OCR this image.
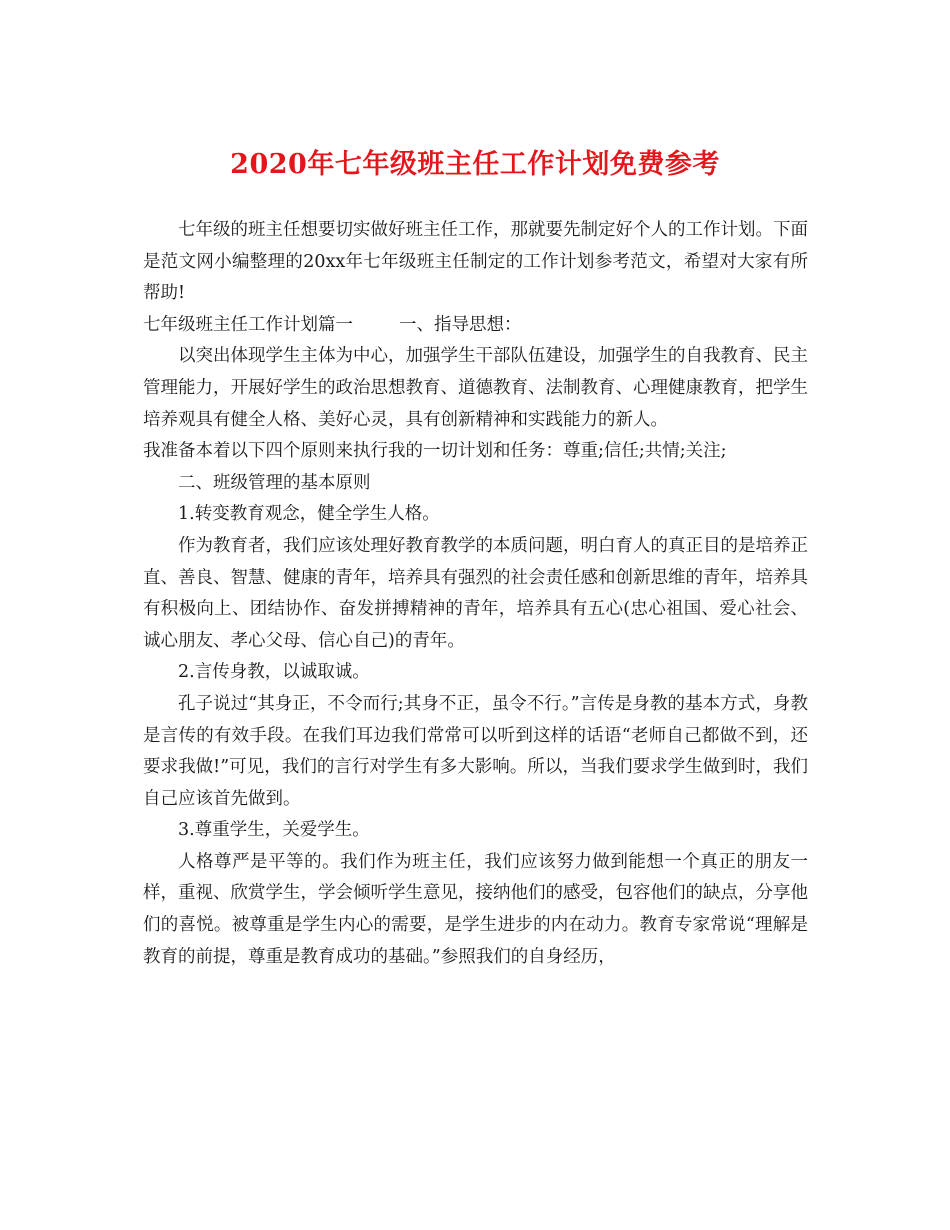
2020年七年级班主任工作计划免费参考

七年级的班主任想要切实做好班主任工作，那就要先制定好个人的工作计划。下面是范文网小编整理的20xx年七年级班主任制定的工作计划参考范文，希望对大家有所帮助!

七年级班主任工作计划篇一	一、指导思想：

以突出体现学生主体为中心，加强学生干部队伍建设，加强学生的自我教育、民主管理能力，开展好学生的政治思想教育、道德教育、法制教育、心理健康教育，把学生培养观具有健全人格、美好心灵，具有创新精神和实践能力的新人。

我准备本着以下四个原则来执行我的一切计划和任务：尊重;信任;共情;关注;

二、班级管理的基本原则

1.转变教育观念，健全学生人格。

作为教育者，我们应该处理好教育教学的本质问题，明白育人的真正目的是培养正直、善良、智慧、健康的青年，培养具有强烈的社会责任感和创新思维的青年，培养具有积极向上、团结协作、奋发拼搏精神的青年，培养具有五心(忠心祖国、爱心社会、诚心朋友、孝心父母、信心自己)的青年。

2.言传身教，以诚取诚。

孔子说过“其身正，不令而行;其身不正，虽令不行。”言传是身教的基本方式，身教是言传的有效手段。在我们耳边我们常常可以听到这样的话语“老师自己都做不到，还要求我做!”可见，我们的言行对学生有多大影响。所以，当我们要求学生做到时，我们自己应该首先做到。

3.尊重学生，关爱学生。

人格尊严是平等的。我们作为班主任，我们应该努力做到能想一个真正的朋友一样，重视、欣赏学生，学会倾听学生意见，接纳他们的感受，包容他们的缺点，分享他们的喜悦。被尊重是学生内心的需要，是学生进步的内在动力。教育专家常说“理解是教育的前提，尊重是教育成功的基础。”参照我们的自身经历，
